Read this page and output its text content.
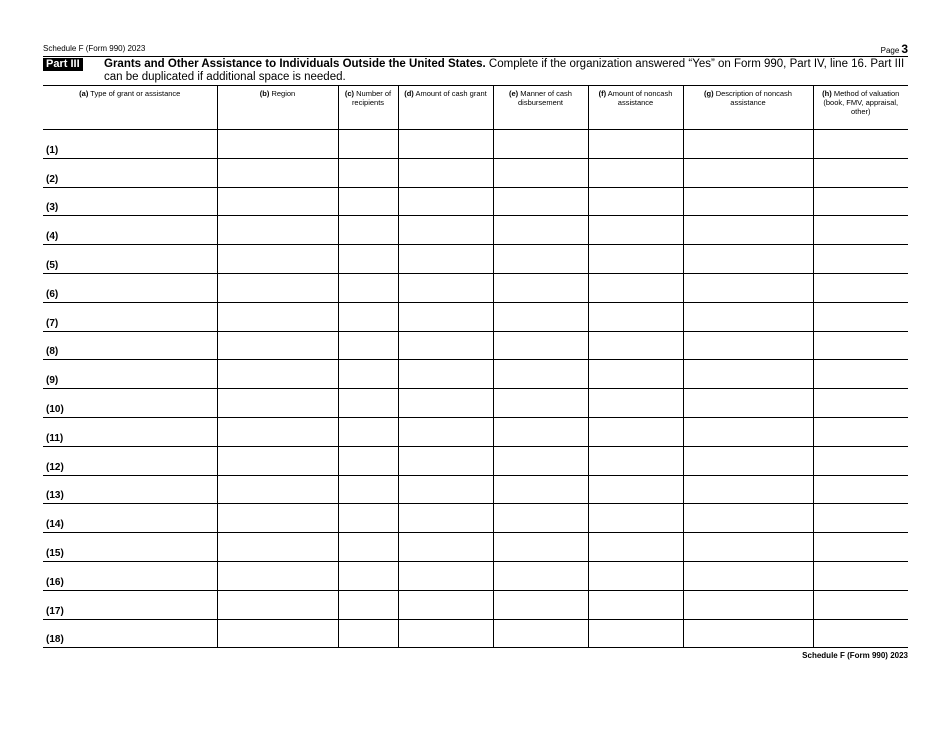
Schedule F (Form 990) 2023	Page 3
Part III Grants and Other Assistance to Individuals Outside the United States. Complete if the organization answered “Yes” on Form 990, Part IV, line 16. Part III can be duplicated if additional space is needed.
(a) Type of grant or assistance	(b) Region	(c) Number of recipients	(d) Amount of cash grant	(e) Manner of cash disbursement	(f) Amount of noncash assistance	(g) Description of noncash assistance	(h) Method of valuation (book, FMV, appraisal, other)
(1)							
(2)							
(3)							
(4)							
(5)							
(6)							
(7)							
(8)							
(9)							
(10)							
(11)							
(12)							
(13)							
(14)							
(15)							
(16)							
(17)							
(18)							
Schedule F (Form 990) 2023
